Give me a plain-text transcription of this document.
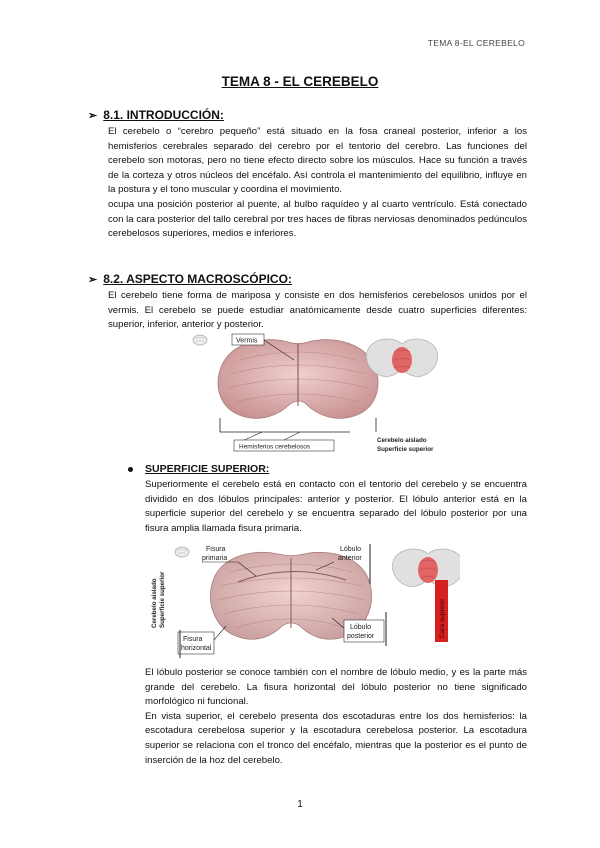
TEMA 8-EL CEREBELO
TEMA 8 - EL CEREBELO
➢ 8.1. INTRODUCCIÓN:

El cerebelo o “cerebro pequeño” está situado en la fosa craneal posterior, inferior a los hemisferios cerebrales separado del cerebro por el tentorio del cerebro. Las funciones del cerebelo son motoras, pero no tiene efecto directo sobre los músculos. Hace su función a través de la corteza y otros núcleos del encéfalo. Así controla el mantenimiento del equilibrio, influye en la postura y el tono muscular y coordina el movimiento.

ocupa una posición posterior al puente, al bulbo raquídeo y al cuarto ventrículo. Está conectado con la cara posterior del tallo cerebral por tres haces de fibras nerviosas denominados pedúnculos cerebelosos superiores, medios e inferiores.

➢ 8.2. ASPECTO MACROSCÓPICO:

El cerebelo tiene forma de mariposa y consiste en dos hemisferios cerebelosos unidos por el vermis. El cerebelo se puede estudiar anatómicamente desde cuatro superficies diferentes: superior, inferior, anterior y posterior.

Vermis
Hemisferios cerebelosos
Cerebelo aislado
Superficie superior
SUPERFICIE SUPERIOR:

Superiormente el cerebelo está en contacto con el tentorio del cerebelo y se encuentra dividido en dos lóbulos principales: anterior y posterior. El lóbulo anterior está en la superficie superior del cerebelo y se encuentra separado del lóbulo posterior por una fisura amplia llamada fisura primaria.

Cerebelo aislado Superficie superior
Fisura
primaria
Lóbulo
anterior
Fisura
horizontal
Lóbulo
posterior	Cara superior

El lóbulo posterior se conoce también con el nombre de lóbulo medio, y es la parte más grande del cerebelo. La fisura horizontal del lóbulo posterior no tiene significado morfológico ni funcional.

En vista superior, el cerebelo presenta dos escotaduras entre los dos hemisferios: la escotadura cerebelosa superior y la escotadura cerebelosa posterior. La escotadura superior se relaciona con el tronco del encéfalo, mientras que la posterior es el punto de inserción de la hoz del cerebelo.

1
